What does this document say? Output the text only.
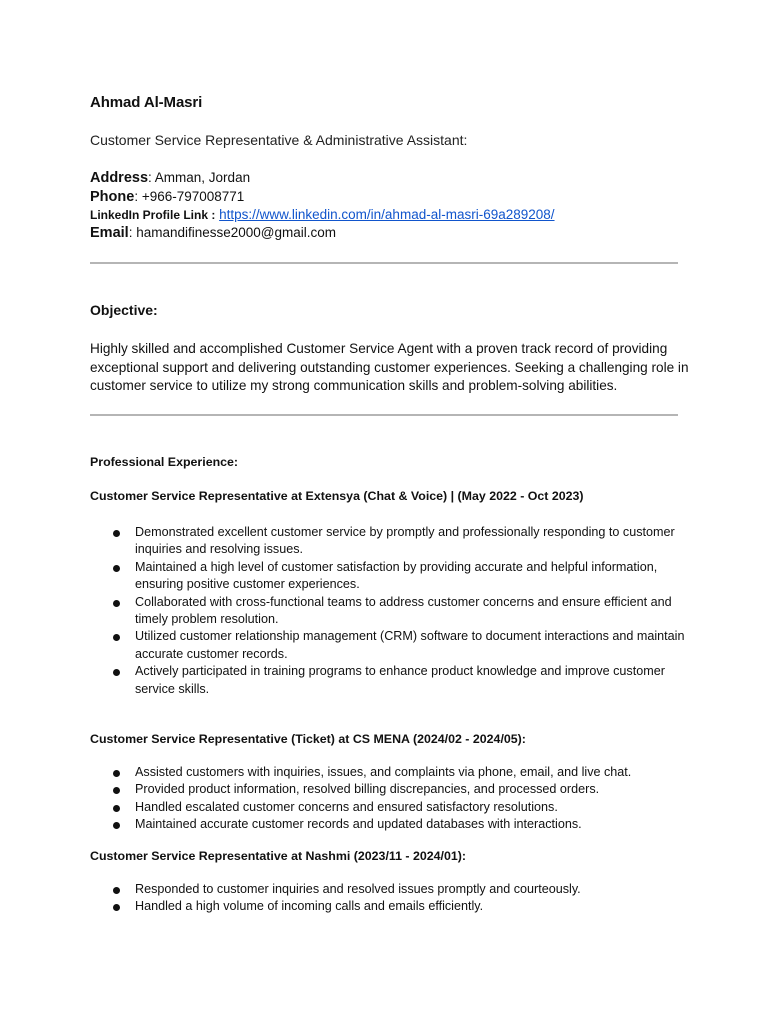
Ahmad Al-Masri
Customer Service Representative & Administrative Assistant:
Address: Amman, Jordan
Phone: +966-797008771
LinkedIn Profile Link : https://www.linkedin.com/in/ahmad-al-masri-69a289208/
Email: hamandifinesse2000@gmail.com
Objective:
Highly skilled and accomplished Customer Service Agent with a proven track record of providing exceptional support and delivering outstanding customer experiences. Seeking a challenging role in customer service to utilize my strong communication skills and problem-solving abilities.
Professional Experience:
Customer Service Representative at Extensya (Chat & Voice) | (May 2022 - Oct 2023)
Demonstrated excellent customer service by promptly and professionally responding to customer inquiries and resolving issues.
Maintained a high level of customer satisfaction by providing accurate and helpful information, ensuring positive customer experiences.
Collaborated with cross-functional teams to address customer concerns and ensure efficient and timely problem resolution.
Utilized customer relationship management (CRM) software to document interactions and maintain accurate customer records.
Actively participated in training programs to enhance product knowledge and improve customer service skills.
Customer Service Representative (Ticket) at CS MENA (2024/02 - 2024/05):
Assisted customers with inquiries, issues, and complaints via phone, email, and live chat.
Provided product information, resolved billing discrepancies, and processed orders.
Handled escalated customer concerns and ensured satisfactory resolutions.
Maintained accurate customer records and updated databases with interactions.
Customer Service Representative at Nashmi (2023/11 - 2024/01):
Responded to customer inquiries and resolved issues promptly and courteously.
Handled a high volume of incoming calls and emails efficiently.
